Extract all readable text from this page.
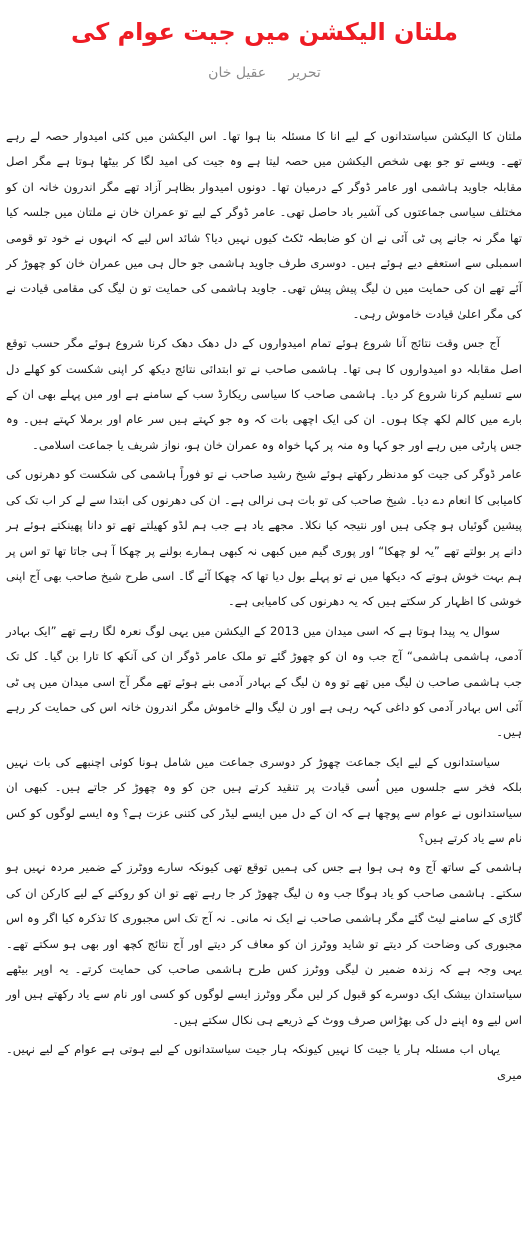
ملتان الیکشن میں جیت عوام کی
تحریر عقیل خان

ملتان کا الیکشن سیاستدانوں کے لیے انا کا مسئلہ بنا ہوا تھا۔ اس الیکشن میں کئی امیدوار حصہ لے رہے تھے۔ ویسے تو جو بھی شخص الیکشن میں حصہ لیتا ہے وہ جیت کی امید لگا کر بیٹھا ہوتا ہے مگر اصل مقابلہ جاوید ہاشمی اور عامر ڈوگر کے درمیان تھا۔ دونوں امیدوار بظاہر آزاد تھے مگر اندرون خانہ ان کو مختلف سیاسی جماعتوں کی آشیر باد حاصل تھی۔ عامر ڈوگر کے لیے تو عمران خان نے ملتان میں جلسہ کیا تھا مگر نہ جانے پی ٹی آئی نے ان کو ضابطہ ٹکٹ کیوں نہیں دیا؟ شائد اس لیے کہ انہوں نے خود تو قومی اسمبلی سے استعفے دیے ہوئے ہیں۔ دوسری طرف جاوید ہاشمی جو حال ہی میں عمران خان کو چھوڑ کر آئے تھے ان کی حمایت میں ن لیگ پیش پیش تھی۔ جاوید ہاشمی کی حمایت تو ن لیگ کی مقامی قیادت نے کی مگر اعلیٰ قیادت خاموش رہی۔

آج جس وقت نتائج آنا شروع ہوئے تمام امیدواروں کے دل دھک دھک کرنا شروع ہوئے مگر حسب توقع اصل مقابلہ دو امیدواروں کا ہی تھا۔ ہاشمی صاحب نے تو ابتدائی نتائج دیکھ کر اپنی شکست کو کھلے دل سے تسلیم کرنا شروع کر دیا۔ ہاشمی صاحب کا سیاسی ریکارڈ سب کے سامنے ہے اور میں پہلے بھی ان کے بارے میں کالم لکھ چکا ہوں۔ ان کی ایک اچھی بات کہ وہ جو کہتے ہیں سر عام اور برملا کہتے ہیں۔ وہ جس پارٹی میں رہے اور جو کہا وہ منہ پر کہا خواہ وہ عمران خان ہو، نواز شریف یا جماعت اسلامی۔

عامر ڈوگر کی جیت کو مدنظر رکھتے ہوئے شیخ رشید صاحب نے تو فوراً ہاشمی کی شکست کو دھرنوں کی کامیابی کا انعام دے دیا۔ شیخ صاحب کی تو بات ہی نرالی ہے۔ ان کی دھرنوں کی ابتدا سے لے کر اب تک کی پیشین گوئیاں ہو چکی ہیں اور نتیجہ کیا نکلا۔ مجھے یاد ہے جب ہم لڈو کھیلتے تھے تو دانا پھینکتے ہوئے ہر دانے پر بولتے تھے ”یہ لو چھکا“ اور پوری گیم میں کبھی نہ کبھی ہمارے بولنے پر چھکا آ ہی جاتا تھا تو اس پر ہم بہت خوش ہوتے کہ دیکھا میں نے تو پہلے بول دیا تھا کہ چھکا آئے گا۔ اسی طرح شیخ صاحب بھی آج اپنی خوشی کا اظہار کر سکتے ہیں کہ یہ دھرنوں کی کامیابی ہے۔

سوال یہ پیدا ہوتا ہے کہ اسی میدان میں 2013 کے الیکشن میں یہی لوگ نعرہ لگا رہے تھے ”ایک بہادر آدمی، ہاشمی ہاشمی“ آج جب وہ ان کو چھوڑ گئے تو ملک عامر ڈوگر ان کی آنکھ کا تارا بن گیا۔ کل تک جب ہاشمی صاحب ن لیگ میں تھے تو وہ ن لیگ کے بہادر آدمی بنے ہوئے تھے مگر آج اسی میدان میں پی ٹی آئی اس بہادر آدمی کو داغی کہہ رہی ہے اور ن لیگ والے خاموش مگر اندرون خانہ اس کی حمایت کر رہے ہیں۔

سیاستدانوں کے لیے ایک جماعت چھوڑ کر دوسری جماعت میں شامل ہونا کوئی اچنبھے کی بات نہیں بلکہ فخر سے جلسوں میں اُسی قیادت پر تنقید کرتے ہیں جن کو وہ چھوڑ کر جاتے ہیں۔ کبھی ان سیاستدانوں نے عوام سے پوچھا ہے کہ ان کے دل میں ایسے لیڈر کی کتنی عزت ہے؟ وہ ایسے لوگوں کو کس نام سے یاد کرتے ہیں؟

ہاشمی کے ساتھ آج وہ ہی ہوا ہے جس کی ہمیں توقع تھی کیونکہ سارے ووٹرز کے ضمیر مردہ نہیں ہو سکتے۔ ہاشمی صاحب کو یاد ہوگا جب وہ ن لیگ چھوڑ کر جا رہے تھے تو ان کو روکنے کے لیے کارکن ان کی گاڑی کے سامنے لیٹ گئے مگر ہاشمی صاحب نے ایک نہ مانی۔ نہ آج تک اس مجبوری کا تذکرہ کیا اگر وہ اس مجبوری کی وضاحت کر دیتے تو شاید ووٹرز ان کو معاف کر دیتے اور آج نتائج کچھ اور بھی ہو سکتے تھے۔ یہی وجہ ہے کہ زندہ ضمیر ن لیگی ووٹرز کس طرح ہاشمی صاحب کی حمایت کرتے۔ یہ اوپر بیٹھے سیاستدان بیشک ایک دوسرے کو قبول کر لیں مگر ووٹرز ایسے لوگوں کو کسی اور نام سے یاد رکھتے ہیں اور اس لیے وہ اپنے دل کی بھڑاس صرف ووٹ کے ذریعے ہی نکال سکتے ہیں۔

یہاں اب مسئلہ ہار یا جیت کا نہیں کیونکہ ہار جیت سیاستدانوں کے لیے ہوتی ہے عوام کے لیے نہیں۔ میری
